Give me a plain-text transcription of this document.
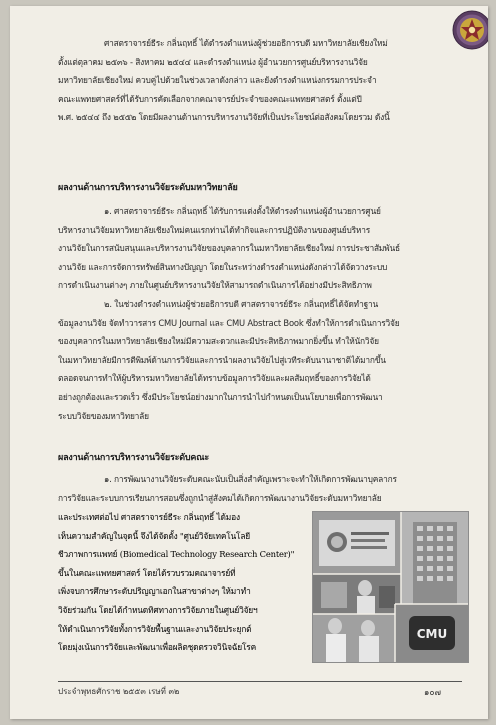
ศาสตราจารย์ธีระ กลิ่นฤทธิ์ ได้ดำรงตำแหน่งผู้ช่วยอธิการบดี มหาวิทยาลัยเชียงใหม่
ตั้งแต่ตุลาคม ๒๕๓๖ - สิงหาคม ๒๕๔๔ และดำรงตำแหน่ง ผู้อำนวยการศูนย์บริหารงานวิจัย
มหาวิทยาลัยเชียงใหม่ ควบคู่ไปด้วยในช่วงเวลาดังกล่าว และยังดำรงตำแหน่งกรรมการประจำ
คณะแพทยศาสตร์ที่ได้รับการคัดเลือกจากคณาจารย์ประจำของคณะแพทยศาสตร์ ตั้งแต่ปี
พ.ศ. ๒๕๔๔ ถึง ๒๕๕๒ โดยมีผลงานด้านการบริหารงานวิจัยที่เป็นประโยชน์ต่อสังคมโดยรวม ดังนี้

ผลงานด้านการบริหารงานวิจัยระดับมหาวิทยาลัย

๑. ศาสตราจารย์ธีระ กลิ่นฤทธิ์ ได้รับการแต่งตั้งให้ดำรงตำแหน่งผู้อำนวยการศูนย์
บริหารงานวิจัยมหาวิทยาลัยเชียงใหม่คนแรกท่านได้ทำกิจและการปฏิบัติงานของศูนย์บริหาร
งานวิจัยในการสนับสนุนและบริหารงานวิจัยของบุคลากรในมหาวิทยาลัยเชียงใหม่ การประชาสัมพันธ์
งานวิจัย และการจัดการทรัพย์สินทางปัญญา โดยในระหว่างดำรงตำแหน่งดังกล่าวได้จัดวางระบบ
การดำเนินงานต่างๆ ภายในศูนย์บริหารงานวิจัยให้สามารถดำเนินการได้อย่างมีประสิทธิภาพ

๒. ในช่วงดำรงตำแหน่งผู้ช่วยอธิการบดี ศาสตราจารย์ธีระ กลิ่นฤทธิ์ได้จัดทำฐาน
ข้อมูลงานวิจัย จัดทำวารสาร CMU Journal และ CMU Abstract Book ซึ่งทำให้การดำเนินการวิจัย
ของบุคลากรในมหาวิทยาลัยเชียงใหม่มีความสะดวกและมีประสิทธิภาพมากยิ่งขึ้น ทำให้นักวิจัย
ในมหาวิทยาลัยมีการตีพิมพ์ด้านการวิจัยและการนำผลงานวิจัยไปสู่เวทีระดับนานาชาติได้มากขึ้น
ตลอดจนการทำให้ผู้บริหารมหาวิทยาลัยได้ทราบข้อมูลการวิจัยและผลสัมฤทธิ์ของการวิจัยได้
อย่างถูกต้องและรวดเร็ว ซึ่งมีประโยชน์อย่างมากในการนำไปกำหนดเป็นนโยบายเพื่อการพัฒนา
ระบบวิจัยของมหาวิทยาลัย

ผลงานด้านการบริหารงานวิจัยระดับคณะ

๑. การพัฒนางานวิจัยระดับคณะนับเป็นสิ่งสำคัญเพราะจะทำให้เกิดการพัฒนาบุคลากร
การวิจัยและระบบการเรียนการสอนซึ่งถูกนำสู่สังคมได้เกิดการพัฒนางานวิจัยระดับมหาวิทยาลัย

และประเทศต่อไป ศาสตราจารย์ธีระ กลิ่นฤทธิ์ ได้มอง
เห็นความสำคัญในจุดนี้ จึงได้จัดตั้ง "ศูนย์วิจัยเทคโนโลยี
ชีวภาพการแพทย์ (Biomedical Technology Research Center)"
ขึ้นในคณะแพทยศาสตร์ โดยได้รวบรวมคณาจารย์ที่
เพิ่งจบการศึกษาระดับปริญญาเอกในสาขาต่างๆ ให้มาทำ
วิจัยร่วมกัน โดยได้กำหนดทิศทางการวิจัยภายในศูนย์วิจัยฯ
ให้ดำเนินการวิจัยทั้งการวิจัยพื้นฐานและงานวิจัยประยุกต์
โดยมุ่งเน้นการวิจัยและพัฒนาเพื่อผลิตชุดตรวจวินิจฉัยโรค

CMU
ประจำพุทธศักราช ๒๕๕๓ เรษที่ ๓๒	๑๐๗
